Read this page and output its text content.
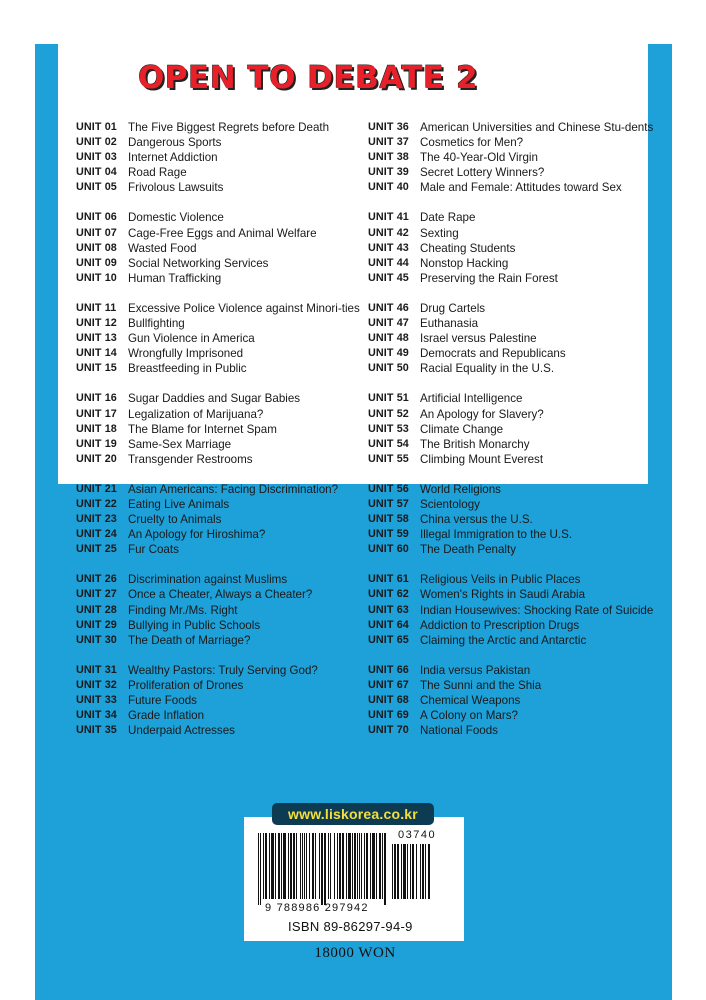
OPEN TO DEBATE 2
UNIT 01 The Five Biggest Regrets before Death
UNIT 02 Dangerous Sports
UNIT 03 Internet Addiction
UNIT 04 Road Rage
UNIT 05 Frivolous Lawsuits
UNIT 06 Domestic Violence
UNIT 07 Cage-Free Eggs and Animal Welfare
UNIT 08 Wasted Food
UNIT 09 Social Networking Services
UNIT 10 Human Trafficking
UNIT 11 Excessive Police Violence against Minori-ties
UNIT 12 Bullfighting
UNIT 13 Gun Violence in America
UNIT 14 Wrongfully Imprisoned
UNIT 15 Breastfeeding in Public
UNIT 16 Sugar Daddies and Sugar Babies
UNIT 17 Legalization of Marijuana?
UNIT 18 The Blame for Internet Spam
UNIT 19 Same-Sex Marriage
UNIT 20 Transgender Restrooms
UNIT 21 Asian Americans: Facing Discrimination?
UNIT 22 Eating Live Animals
UNIT 23 Cruelty to Animals
UNIT 24 An Apology for Hiroshima?
UNIT 25 Fur Coats
UNIT 26 Discrimination against Muslims
UNIT 27 Once a Cheater, Always a Cheater?
UNIT 28 Finding Mr./Ms. Right
UNIT 29 Bullying in Public Schools
UNIT 30 The Death of Marriage?
UNIT 31 Wealthy Pastors: Truly Serving God?
UNIT 32 Proliferation of Drones
UNIT 33 Future Foods
UNIT 34 Grade Inflation
UNIT 35 Underpaid Actresses
UNIT 36 American Universities and Chinese Stu-dents
UNIT 37 Cosmetics for Men?
UNIT 38 The 40-Year-Old Virgin
UNIT 39 Secret Lottery Winners?
UNIT 40 Male and Female: Attitudes toward Sex
UNIT 41 Date Rape
UNIT 42 Sexting
UNIT 43 Cheating Students
UNIT 44 Nonstop Hacking
UNIT 45 Preserving the Rain Forest
UNIT 46 Drug Cartels
UNIT 47 Euthanasia
UNIT 48 Israel versus Palestine
UNIT 49 Democrats and Republicans
UNIT 50 Racial Equality in the U.S.
UNIT 51 Artificial Intelligence
UNIT 52 An Apology for Slavery?
UNIT 53 Climate Change
UNIT 54 The British Monarchy
UNIT 55 Climbing Mount Everest
UNIT 56 World Religions
UNIT 57 Scientology
UNIT 58 China versus the U.S.
UNIT 59 Illegal Immigration to the U.S.
UNIT 60 The Death Penalty
UNIT 61 Religious Veils in Public Places
UNIT 62 Women's Rights in Saudi Arabia
UNIT 63 Indian Housewives: Shocking Rate of Suicide
UNIT 64 Addiction to Prescription Drugs
UNIT 65 Claiming the Arctic and Antarctic
UNIT 66 India versus Pakistan
UNIT 67 The Sunni and the Shia
UNIT 68 Chemical Weapons
UNIT 69 A Colony on Mars?
UNIT 70 National Foods
03740
9 788986 297942
ISBN 89-86297-94-9
www.liskorea.co.kr
18000 WON
